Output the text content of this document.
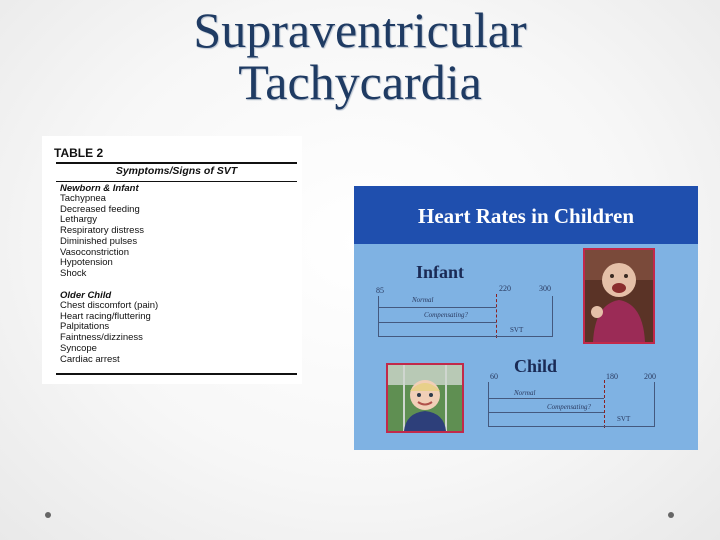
Supraventricular
Tachycardia
TABLE 2
Symptoms/Signs of SVT
Newborn & Infant
Tachypnea
Decreased feeding
Lethargy
Respiratory distress
Diminished pulses
Vasoconstriction
Hypotension
Shock
Older Child
Chest discomfort (pain)
Heart racing/fluttering
Palpitations
Faintness/dizziness
Syncope
Cardiac arrest
Heart Rates in Children
Infant
85	220	300
Normal
Compensating?
SVT
Child
60	180	200
Normal
Compensating?
SVT
